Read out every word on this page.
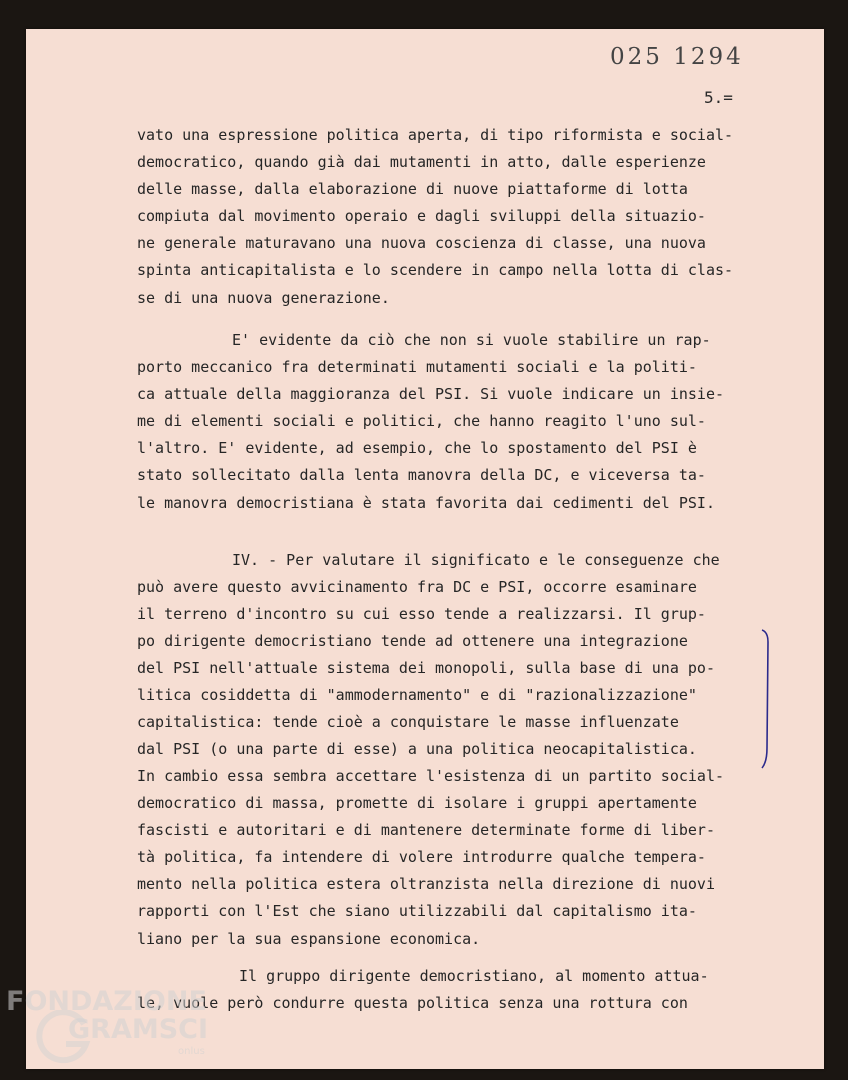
025 1294
5.=
vato una espressione politica aperta, di tipo riformista e social-
democratico, quando già dai mutamenti in atto, dalle esperienze
delle masse, dalla elaborazione di nuove piattaforme di lotta
compiuta dal movimento operaio e dagli sviluppi della situazio-
ne generale maturavano una nuova coscienza di classe, una nuova
spinta anticapitalista e lo scendere in campo nella lotta di clas-
se di una nuova generazione.
E' evidente da ciò che non si vuole stabilire un rap-
porto meccanico fra determinati mutamenti sociali e la politi-
ca attuale della maggioranza del PSI. Si vuole indicare un insie-
me di elementi sociali e politici, che hanno reagito l'uno sul-
l'altro. E' evidente, ad esempio, che lo spostamento del PSI è
stato sollecitato dalla lenta manovra della DC, e viceversa ta-
le manovra democristiana è stata favorita dai cedimenti del PSI.
IV. - Per valutare il significato e le conseguenze che
può avere questo avvicinamento fra DC e PSI, occorre esaminare
il terreno d'incontro su cui esso tende a realizzarsi. Il grup-
po dirigente democristiano tende ad ottenere una integrazione
del PSI nell'attuale sistema dei monopoli, sulla base di una po-
litica cosiddetta di "ammodernamento" e di "razionalizzazione"
capitalistica: tende cioè a conquistare le masse influenzate
dal PSI (o una parte di esse) a una politica neocapitalistica.
In cambio essa sembra accettare l'esistenza di un partito social-
democratico di massa, promette di isolare i gruppi apertamente
fascisti e autoritari e di mantenere determinate forme di liber-
tà politica, fa intendere di volere introdurre qualche tempera-
mento nella politica estera oltranzista nella direzione di nuovi
rapporti con l'Est che siano utilizzabili dal capitalismo ita-
liano per la sua espansione economica.
Il gruppo dirigente democristiano, al momento attua-
le, vuole però condurre questa politica senza una rottura con
FONDAZIONE
GRAMSCI
onlus
